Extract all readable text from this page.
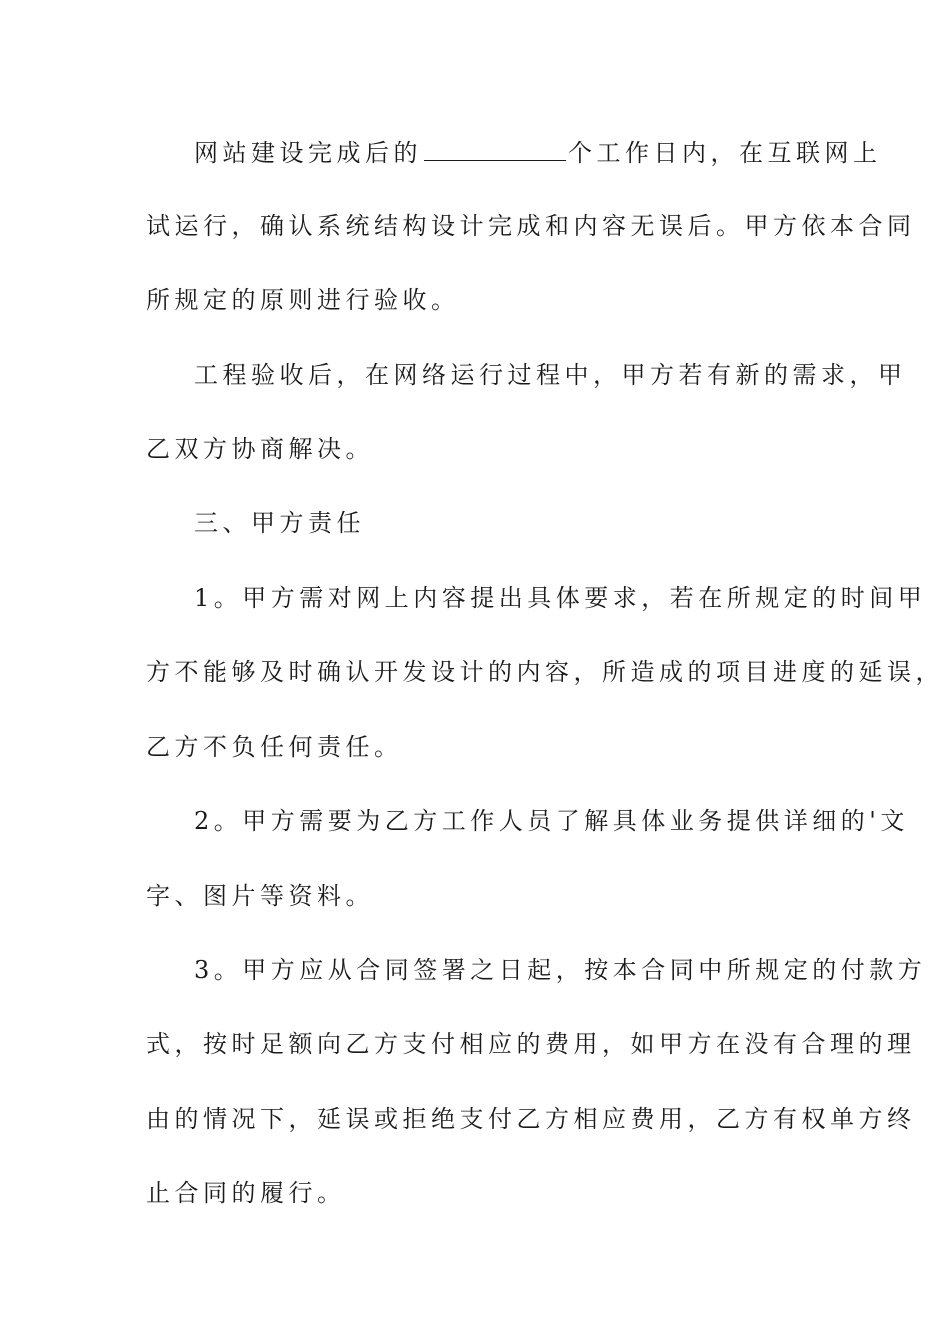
网站建设完成后的	个工作日内，在互联网上
试运行，确认系统结构设计完成和内容无误后。甲方依本合同
所规定的原则进行验收。
工程验收后，在网络运行过程中，甲方若有新的需求，甲
乙双方协商解决。
三、甲方责任
1。甲方需对网上内容提出具体要求，若在所规定的时间甲
方不能够及时确认开发设计的内容，所造成的项目进度的延误，
乙方不负任何责任。
2。甲方需要为乙方工作人员了解具体业务提供详细的'文
字、图片等资料。
3。甲方应从合同签署之日起，按本合同中所规定的付款方
式，按时足额向乙方支付相应的费用，如甲方在没有合理的理
由的情况下，延误或拒绝支付乙方相应费用，乙方有权单方终
止合同的履行。
